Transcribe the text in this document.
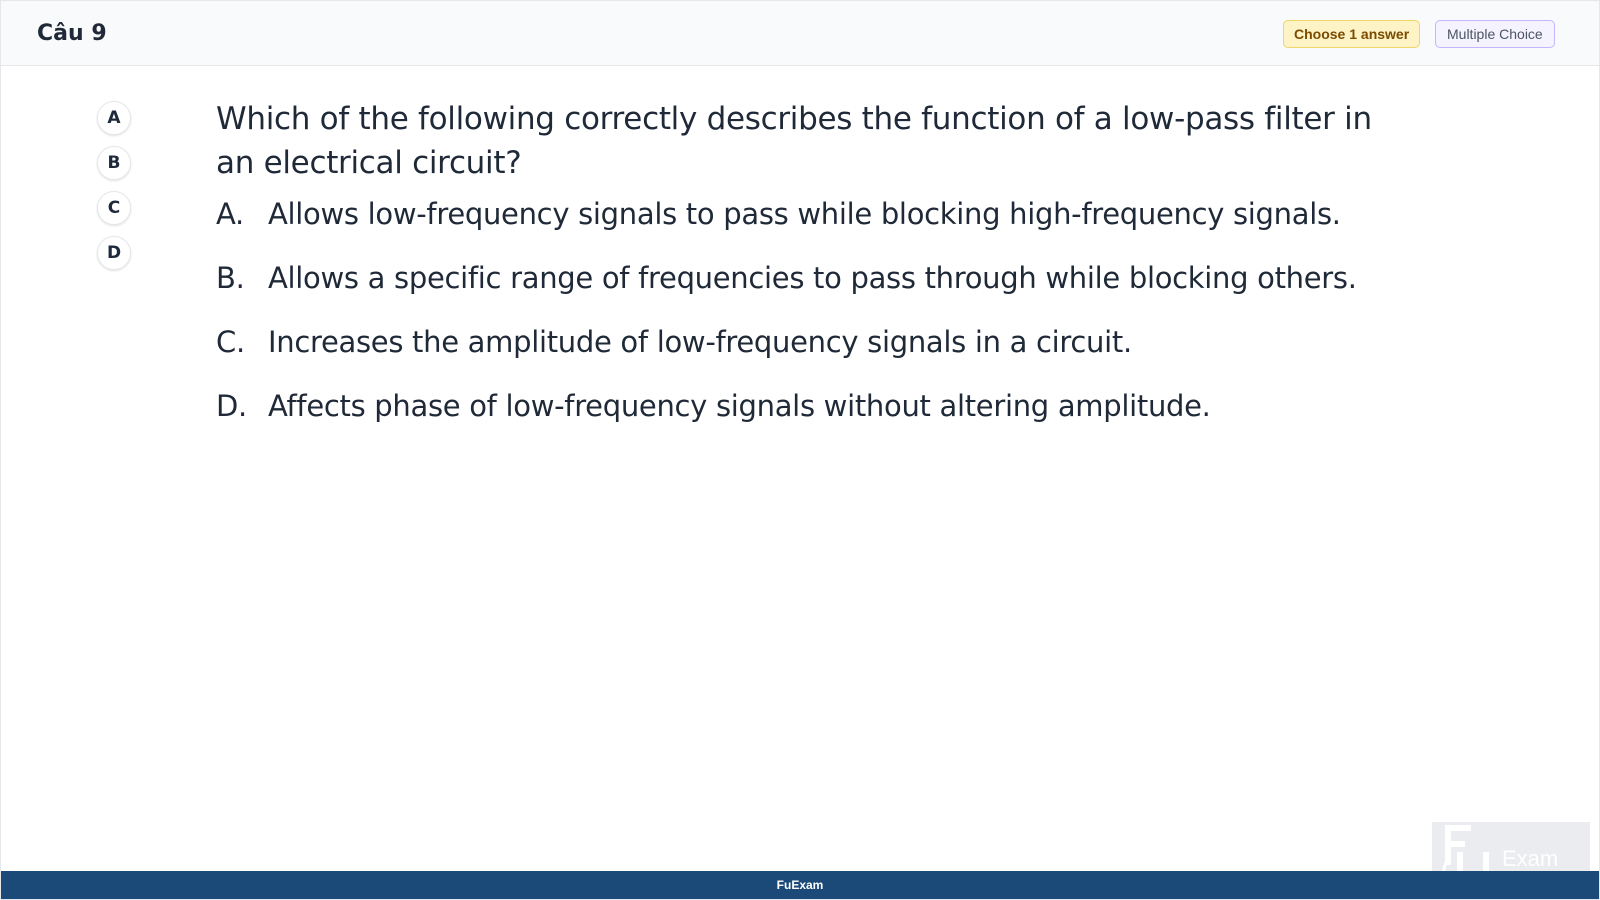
Câu 9	Choose 1 answer	Multiple Choice
A
B
C
D

Which of the following correctly describes the function of a low-pass filter in an electrical circuit?

A. Allows low-frequency signals to pass while blocking high-frequency signals.
B. Allows a specific range of frequencies to pass through while blocking others.
C. Increases the amplitude of low-frequency signals in a circuit.
D. Affects phase of low-frequency signals without altering amplitude.
Exam
FuExam
